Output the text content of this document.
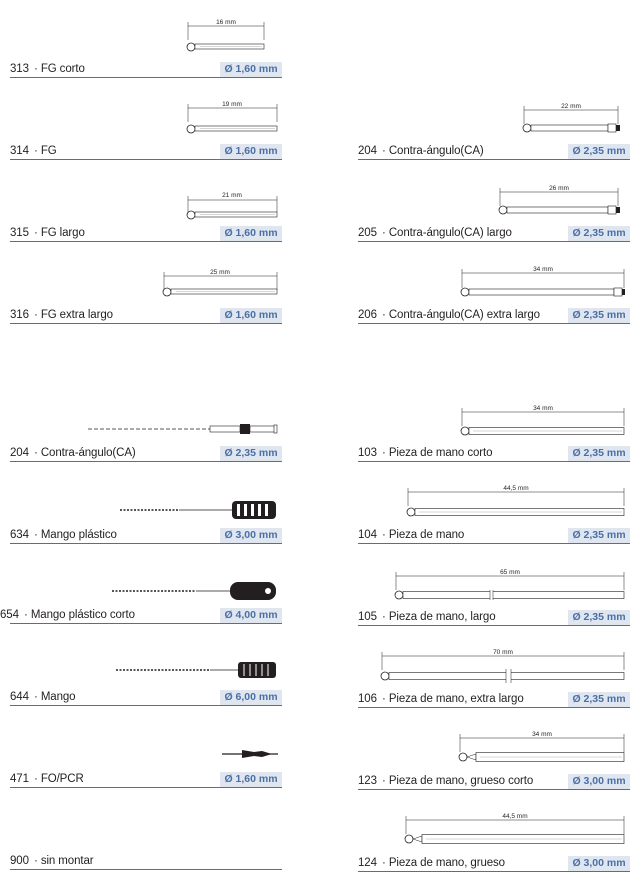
16 mm
313 · FG corto	Ø 1,60 mm
19 mm
314 · FG	Ø 1,60 mm
21 mm
315 · FG largo	Ø 1,60 mm
25 mm
316 · FG extra largo	Ø 1,60 mm
204 · Contra-ángulo(CA)	Ø 2,35 mm
634 · Mango plástico	Ø 3,00 mm
654 · Mango plástico corto	Ø 4,00 mm
644 · Mango	Ø 6,00 mm
471 · FO/PCR	Ø 1,60 mm
900 · sin montar
22 mm
204 · Contra-ángulo(CA)	Ø 2,35 mm
26 mm
205 · Contra-ángulo(CA) largo	Ø 2,35 mm
34 mm
206 · Contra-ángulo(CA) extra largo	Ø 2,35 mm
34 mm
103 · Pieza de mano corto	Ø 2,35 mm
44,5 mm
104 · Pieza de mano	Ø 2,35 mm
65 mm
105 · Pieza de mano, largo	Ø 2,35 mm
70 mm
106 · Pieza de mano, extra largo	Ø 2,35 mm
34 mm
123 · Pieza de mano, grueso corto	Ø 3,00 mm
44,5 mm
124 · Pieza de mano, grueso	Ø 3,00 mm
